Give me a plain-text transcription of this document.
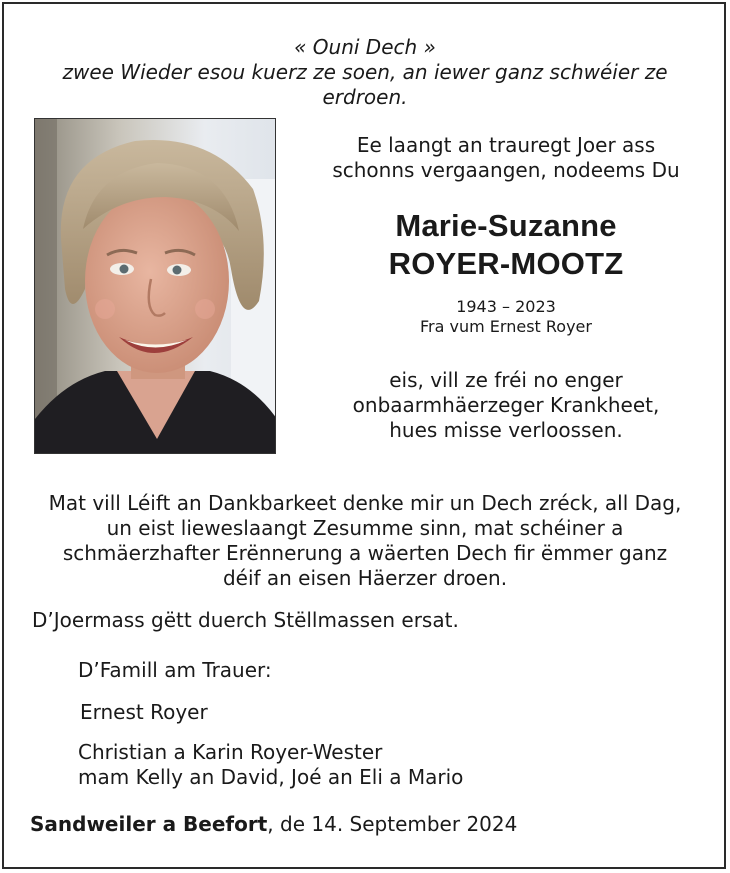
« Ouni Dech »
zwee Wieder esou kuerz ze soen, an iewer ganz schwéier ze
erdroen.
Ee laangt an trauregt Joer ass
schonns vergaangen, nodeems Du
Marie-Suzanne
ROYER-MOOTZ
1943 – 2023
Fra vum Ernest Royer
eis, vill ze fréi no enger
onbaarmhäerzeger Krankheet,
hues misse verloossen.
Mat vill Léift an Dankbarkeet denke mir un Dech zréck, all Dag,
un eist lieweslaangt Zesumme sinn, mat schéiner a
schmäerzhafter Erënnerung a wäerten Dech fir ëmmer ganz
déif an eisen Häerzer droen.
D’Joermass gëtt duerch Stëllmassen ersat.
D’Famill am Trauer:
Ernest Royer
Christian a Karin Royer-Wester
mam Kelly an David, Joé an Eli a Mario
Sandweiler a Beefort, de 14. September 2024
